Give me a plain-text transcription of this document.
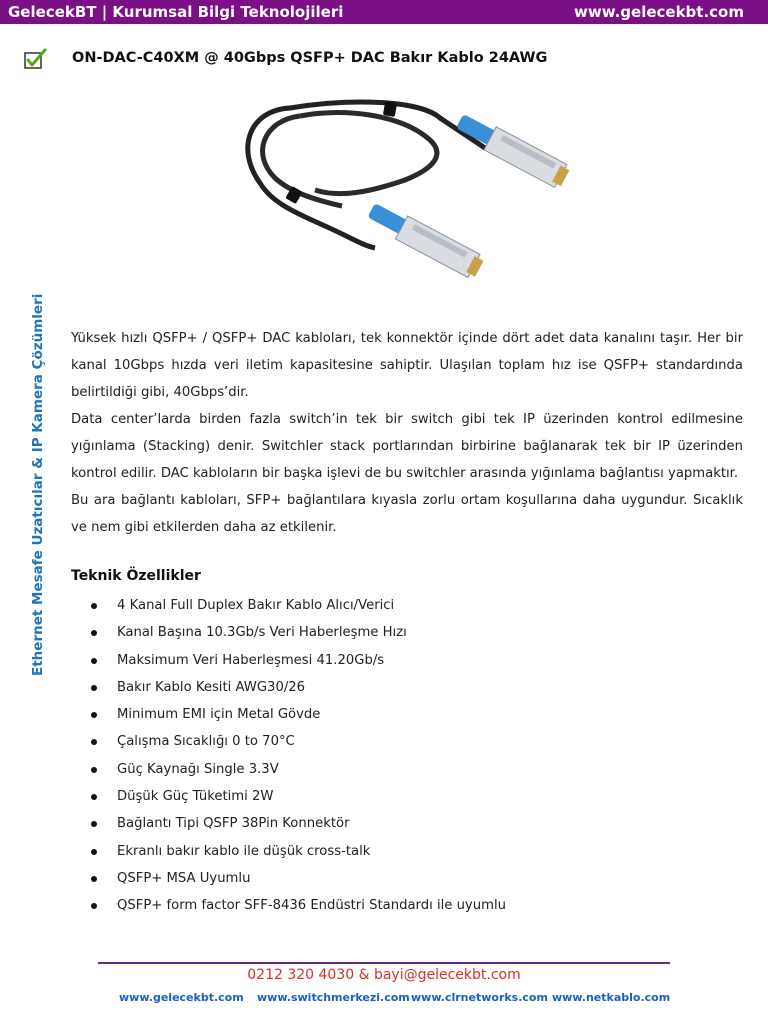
GelecekBT | Kurumsal Bilgi Teknolojileri	www.gelecekbt.com
ON-DAC-C40XM @ 40Gbps QSFP+ DAC Bakır Kablo 24AWG
Ethernet Mesafe Uzatıcılar & IP Kamera Çözümleri Yüksek hızlı QSFP+ / QSFP+ DAC kabloları, tek konnektör içinde dört adet data kanalını taşır. Her bir kanal 10Gbps hızda veri iletim kapasitesine sahiptir. Ulaşılan toplam hız ise QSFP+ standardında belirtildiği gibi, 40Gbps’dir.

Data center’larda birden fazla switch’in tek bir switch gibi tek IP üzerinden kontrol edilmesine yığınlama (Stacking) denir. Switchler stack portlarından birbirine bağlanarak tek bir IP üzerinden kontrol edilir. DAC kabloların bir başka işlevi de bu switchler arasında yığınlama bağlantısı yapmaktır.

Bu ara bağlantı kabloları, SFP+ bağlantılara kıyasla zorlu ortam koşullarına daha uygundur. Sıcaklık ve nem gibi etkilerden daha az etkilenir.

Teknik Özellikler
4 Kanal Full Duplex Bakır Kablo Alıcı/Verici
Kanal Başına 10.3Gb/s Veri Haberleşme Hızı
Maksimum Veri Haberleşmesi 41.20Gb/s
Bakır Kablo Kesiti AWG30/26
Minimum EMI için Metal Gövde
Çalışma Sıcaklığı 0 to 70°C
Güç Kaynağı Single 3.3V
Düşük Güç Tüketimi 2W
Bağlantı Tipi QSFP 38Pin Konnektör
Ekranlı bakır kablo ile düşük cross-talk
QSFP+ MSA Uyumlu
QSFP+ form factor SFF-8436 Endüstri Standardı ile uyumlu
0212 320 4030 & bayi@gelecekbt.com
www.gelecekbt.com www.switchmerkezi.com www.clrnetworks.com www.netkablo.com
